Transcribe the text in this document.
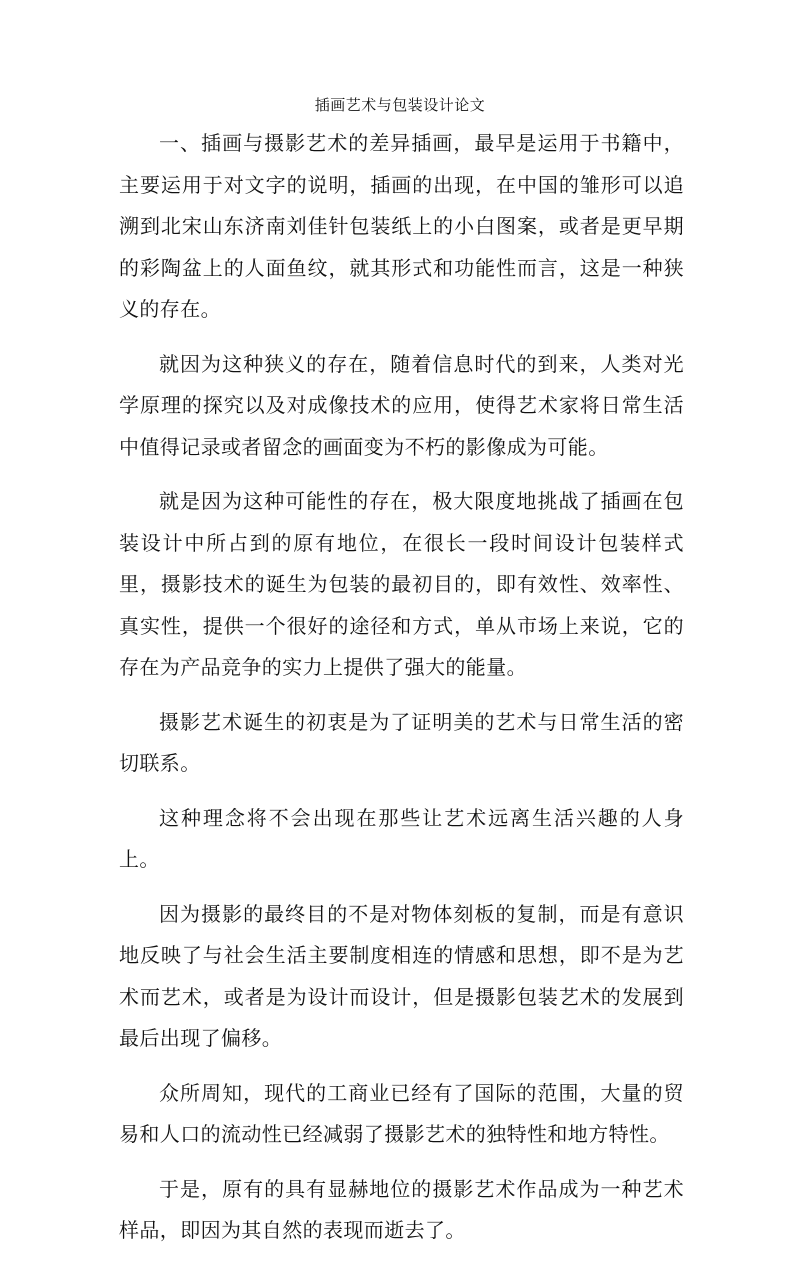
插画艺术与包装设计论文

一、插画与摄影艺术的差异插画，最早是运用于书籍中，主要运用于对文字的说明，插画的出现，在中国的雏形可以追溯到北宋山东济南刘佳针包装纸上的小白图案，或者是更早期的彩陶盆上的人面鱼纹，就其形式和功能性而言，这是一种狭义的存在。

就因为这种狭义的存在，随着信息时代的到来，人类对光学原理的探究以及对成像技术的应用，使得艺术家将日常生活中值得记录或者留念的画面变为不朽的影像成为可能。

就是因为这种可能性的存在，极大限度地挑战了插画在包装设计中所占到的原有地位，在很长一段时间设计包装样式里，摄影技术的诞生为包装的最初目的，即有效性、效率性、真实性，提供一个很好的途径和方式，单从市场上来说，它的存在为产品竞争的实力上提供了强大的能量。

摄影艺术诞生的初衷是为了证明美的艺术与日常生活的密切联系。

这种理念将不会出现在那些让艺术远离生活兴趣的人身上。

因为摄影的最终目的不是对物体刻板的复制，而是有意识地反映了与社会生活主要制度相连的情感和思想，即不是为艺术而艺术，或者是为设计而设计，但是摄影包装艺术的发展到最后出现了偏移。

众所周知，现代的工商业已经有了国际的范围，大量的贸易和人口的流动性已经减弱了摄影艺术的独特性和地方特性。

于是，原有的具有显赫地位的摄影艺术作品成为一种艺术样品，即因为其自然的表现而逝去了。
